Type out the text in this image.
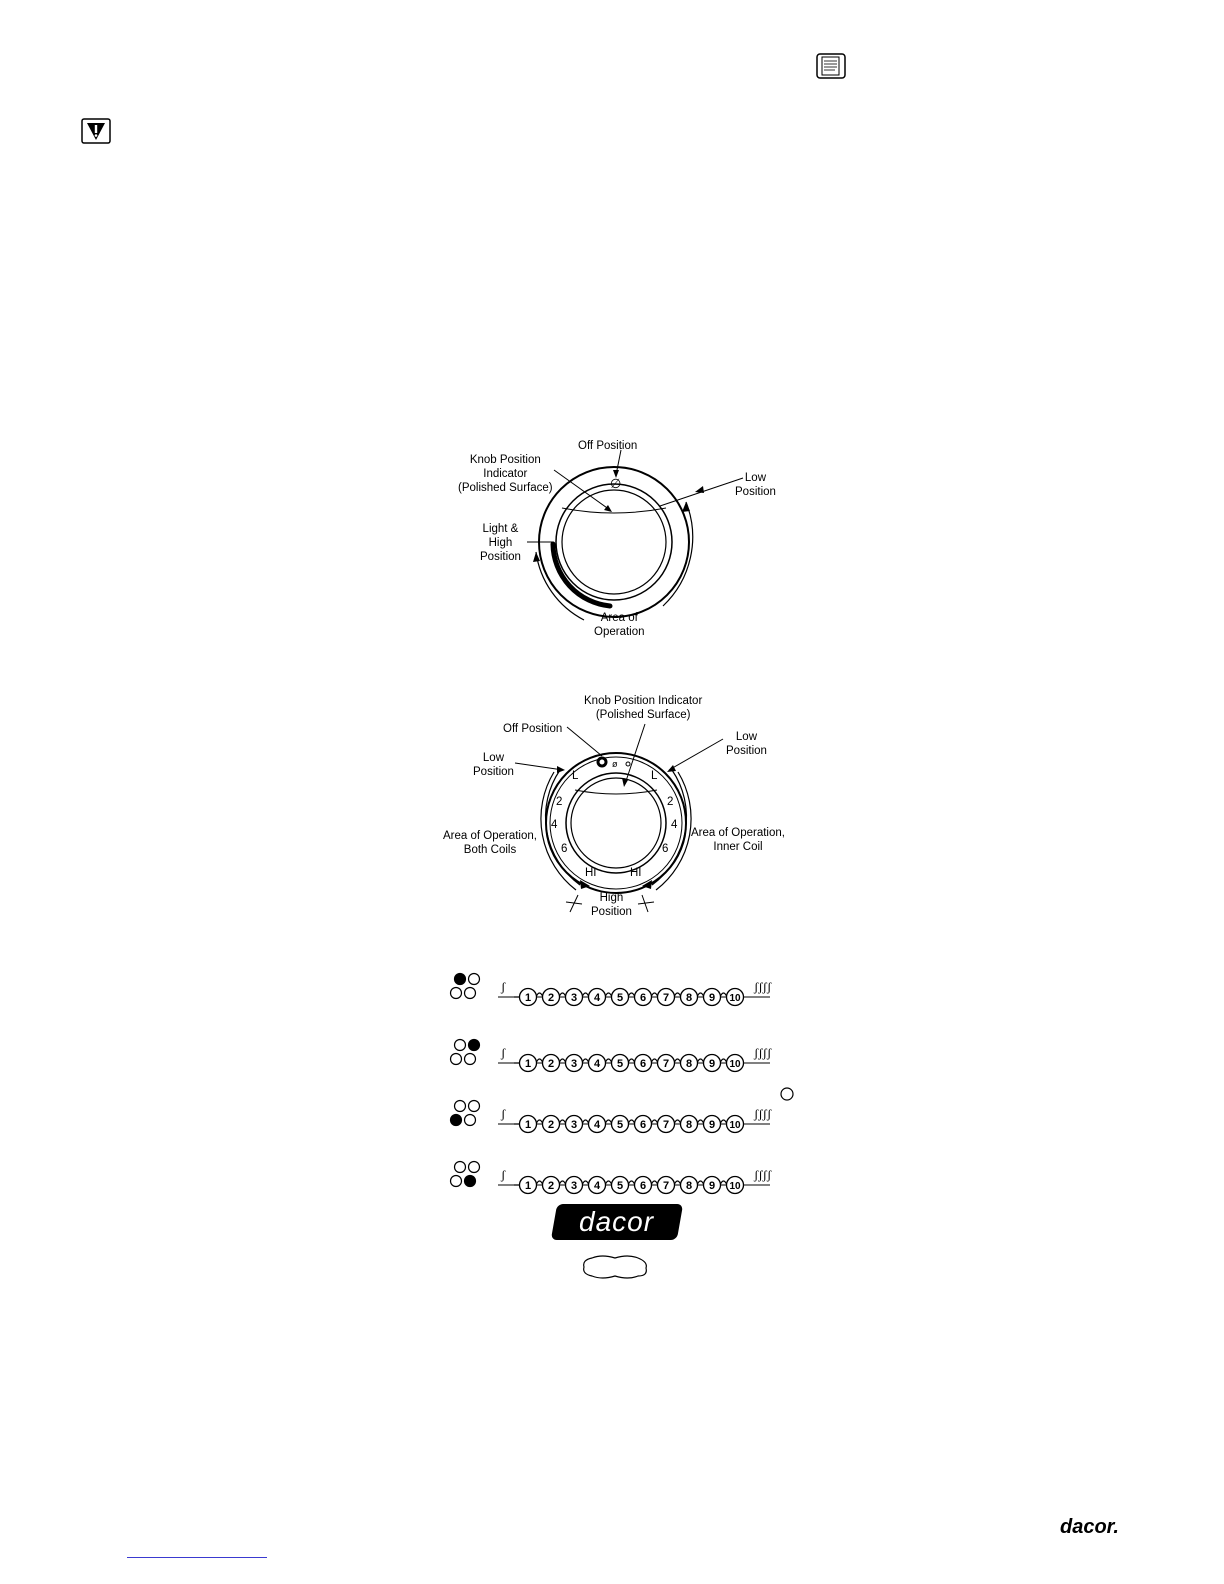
Off Position
∅
Knob Position
Indicator
(Polished Surface)
Low
Position
Light &
High
Position
Area of
Operation
Knob Position Indicator
(Polished Surface)
Off Position
Low
Position
Low
Position
Area of Operation,
Both Coils
Area of Operation,
Inner Coil
High
Position
L
2
4
6
HI
L
2
4
6
HI
ø
ʃ
1 2 3 4 5 6 7 8 9 10
ʃʃʃʃ
ʃ
1 2 3 4 5 6 7 8 9 10
ʃʃʃʃ
ʃ
1 2 3 4 5 6 7 8 9 10
ʃʃʃʃ
ʃ
1 2 3 4 5 6 7 8 9 10
ʃʃʃʃ
dacor
dacor.
